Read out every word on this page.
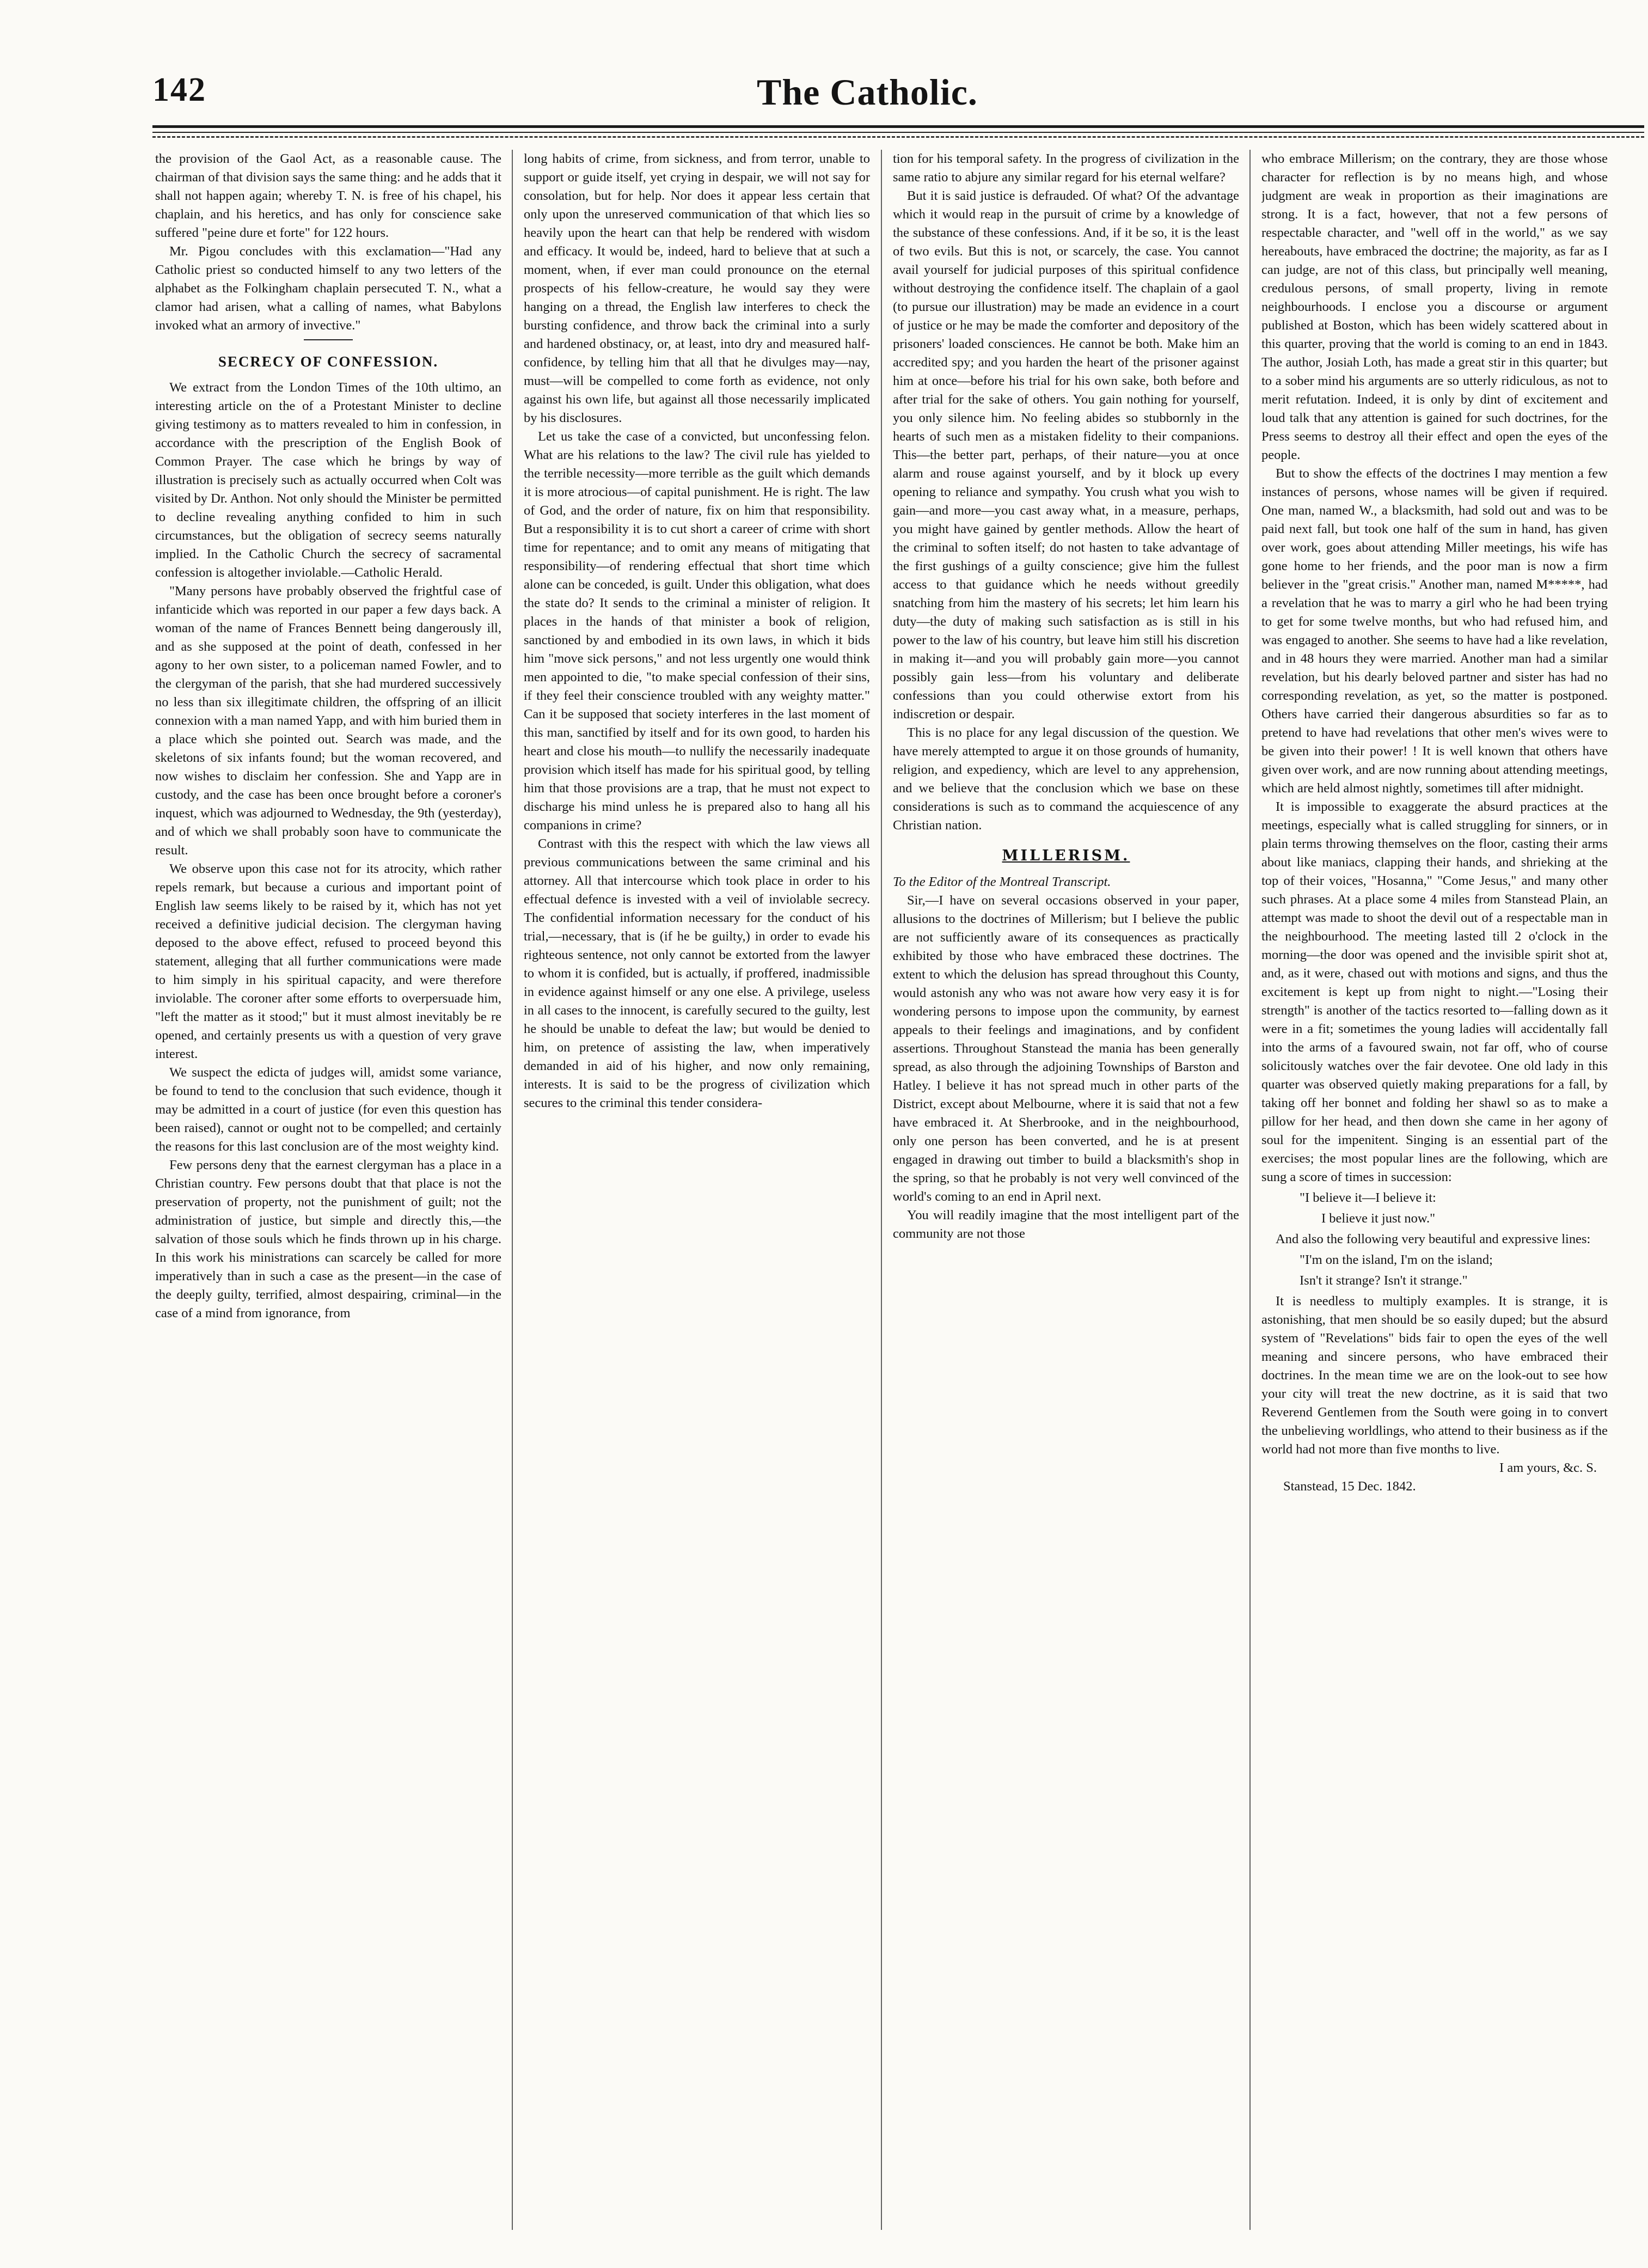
142	The Catholic.

the provision of the Gaol Act, as a reasonable cause. The chairman of that division says the same thing: and he adds that it shall not happen again; whereby T. N. is free of his chapel, his chaplain, and his heretics, and has only for conscience sake suffered "peine dure et forte" for 122 hours.

Mr. Pigou concludes with this exclamation—"Had any Catholic priest so conducted himself to any two letters of the alphabet as the Folkingham chaplain persecuted T. N., what a clamor had arisen, what a calling of names, what Babylons invoked what an armory of invective."

SECRECY OF CONFESSION.

We extract from the London Times of the 10th ultimo, an interesting article on the of a Protestant Minister to decline giving testimony as to matters revealed to him in confession, in accordance with the prescription of the English Book of Common Prayer. The case which he brings by way of illustration is precisely such as actually occurred when Colt was visited by Dr. Anthon. Not only should the Minister be permitted to decline revealing anything confided to him in such circumstances, but the obligation of secrecy seems naturally implied. In the Catholic Church the secrecy of sacramental confession is altogether inviolable.—Catholic Herald.

"Many persons have probably observed the frightful case of infanticide which was reported in our paper a few days back. A woman of the name of Frances Bennett being dangerously ill, and as she supposed at the point of death, confessed in her agony to her own sister, to a policeman named Fowler, and to the clergyman of the parish, that she had murdered successively no less than six illegitimate children, the offspring of an illicit connexion with a man named Yapp, and with him buried them in a place which she pointed out. Search was made, and the skeletons of six infants found; but the woman recovered, and now wishes to disclaim her confession. She and Yapp are in custody, and the case has been once brought before a coroner's inquest, which was adjourned to Wednesday, the 9th (yesterday), and of which we shall probably soon have to communicate the result.

We observe upon this case not for its atrocity, which rather repels remark, but because a curious and important point of English law seems likely to be raised by it, which has not yet received a definitive judicial decision. The clergyman having deposed to the above effect, refused to proceed beyond this statement, alleging that all further communications were made to him simply in his spiritual capacity, and were therefore inviolable. The coroner after some efforts to overpersuade him, "left the matter as it stood;" but it must almost inevitably be re opened, and certainly presents us with a question of very grave interest.

We suspect the edicta of judges will, amidst some variance, be found to tend to the conclusion that such evidence, though it may be admitted in a court of justice (for even this question has been raised), cannot or ought not to be compelled; and certainly the reasons for this last conclusion are of the most weighty kind.

Few persons deny that the earnest clergyman has a place in a Christian country. Few persons doubt that that place is not the preservation of property, not the punishment of guilt; not the administration of justice, but simple and directly this,—the salvation of those souls which he finds thrown up in his charge. In this work his ministrations can scarcely be called for more imperatively than in such a case as the present—in the case of the deeply guilty, terrified, almost despairing, criminal—in the case of a mind from ignorance, from

long habits of crime, from sickness, and from terror, unable to support or guide itself, yet crying in despair, we will not say for consolation, but for help. Nor does it appear less certain that only upon the unreserved communication of that which lies so heavily upon the heart can that help be rendered with wisdom and efficacy. It would be, indeed, hard to believe that at such a moment, when, if ever man could pronounce on the eternal prospects of his fellow-creature, he would say they were hanging on a thread, the English law interferes to check the bursting confidence, and throw back the criminal into a surly and hardened obstinacy, or, at least, into dry and measured half-confidence, by telling him that all that he divulges may—nay, must—will be compelled to come forth as evidence, not only against his own life, but against all those necessarily implicated by his disclosures.

Let us take the case of a convicted, but unconfessing felon. What are his relations to the law? The civil rule has yielded to the terrible necessity—more terrible as the guilt which demands it is more atrocious—of capital punishment. He is right. The law of God, and the order of nature, fix on him that responsibility. But a responsibility it is to cut short a career of crime with short time for repentance; and to omit any means of mitigating that responsibility—of rendering effectual that short time which alone can be conceded, is guilt. Under this obligation, what does the state do? It sends to the criminal a minister of religion. It places in the hands of that minister a book of religion, sanctioned by and embodied in its own laws, in which it bids him "move sick persons," and not less urgently one would think men appointed to die, "to make special confession of their sins, if they feel their conscience troubled with any weighty matter." Can it be supposed that society interferes in the last moment of this man, sanctified by itself and for its own good, to harden his heart and close his mouth—to nullify the necessarily inadequate provision which itself has made for his spiritual good, by telling him that those provisions are a trap, that he must not expect to discharge his mind unless he is prepared also to hang all his companions in crime?

Contrast with this the respect with which the law views all previous communications between the same criminal and his attorney. All that intercourse which took place in order to his effectual defence is invested with a veil of inviolable secrecy. The confidential information necessary for the conduct of his trial,—necessary, that is (if he be guilty,) in order to evade his righteous sentence, not only cannot be extorted from the lawyer to whom it is confided, but is actually, if proffered, inadmissible in evidence against himself or any one else. A privilege, useless in all cases to the innocent, is carefully secured to the guilty, lest he should be unable to defeat the law; but would be denied to him, on pretence of assisting the law, when imperatively demanded in aid of his higher, and now only remaining, interests. It is said to be the progress of civilization which secures to the criminal this tender considera-

tion for his temporal safety. In the progress of civilization in the same ratio to abjure any similar regard for his eternal welfare?

But it is said justice is defrauded. Of what? Of the advantage which it would reap in the pursuit of crime by a knowledge of the substance of these confessions. And, if it be so, it is the least of two evils. But this is not, or scarcely, the case. You cannot avail yourself for judicial purposes of this spiritual confidence without destroying the confidence itself. The chaplain of a gaol (to pursue our illustration) may be made an evidence in a court of justice or he may be made the comforter and depository of the prisoners' loaded consciences. He cannot be both. Make him an accredited spy; and you harden the heart of the prisoner against him at once—before his trial for his own sake, both before and after trial for the sake of others. You gain nothing for yourself, you only silence him. No feeling abides so stubbornly in the hearts of such men as a mistaken fidelity to their companions. This—the better part, perhaps, of their nature—you at once alarm and rouse against yourself, and by it block up every opening to reliance and sympathy. You crush what you wish to gain—and more—you cast away what, in a measure, perhaps, you might have gained by gentler methods. Allow the heart of the criminal to soften itself; do not hasten to take advantage of the first gushings of a guilty conscience; give him the fullest access to that guidance which he needs without greedily snatching from him the mastery of his secrets; let him learn his duty—the duty of making such satisfaction as is still in his power to the law of his country, but leave him still his discretion in making it—and you will probably gain more—you cannot possibly gain less—from his voluntary and deliberate confessions than you could otherwise extort from his indiscretion or despair.

This is no place for any legal discussion of the question. We have merely attempted to argue it on those grounds of humanity, religion, and expediency, which are level to any apprehension, and we believe that the conclusion which we base on these considerations is such as to command the acquiescence of any Christian nation.

MILLERISM.

To the Editor of the Montreal Transcript.

Sir,—I have on several occasions observed in your paper, allusions to the doctrines of Millerism; but I believe the public are not sufficiently aware of its consequences as practically exhibited by those who have embraced these doctrines. The extent to which the delusion has spread throughout this County, would astonish any who was not aware how very easy it is for wondering persons to impose upon the community, by earnest appeals to their feelings and imaginations, and by confident assertions. Throughout Stanstead the mania has been generally spread, as also through the adjoining Townships of Barston and Hatley. I believe it has not spread much in other parts of the District, except about Melbourne, where it is said that not a few have embraced it. At Sherbrooke, and in the neighbourhood, only one person has been converted, and he is at present engaged in drawing out timber to build a blacksmith's shop in the spring, so that he probably is not very well convinced of the world's coming to an end in April next.

You will readily imagine that the most intelligent part of the community are not those

who embrace Millerism; on the contrary, they are those whose character for reflection is by no means high, and whose judgment are weak in proportion as their imaginations are strong. It is a fact, however, that not a few persons of respectable character, and "well off in the world," as we say hereabouts, have embraced the doctrine; the majority, as far as I can judge, are not of this class, but principally well meaning, credulous persons, of small property, living in remote neighbourhoods. I enclose you a discourse or argument published at Boston, which has been widely scattered about in this quarter, proving that the world is coming to an end in 1843. The author, Josiah Loth, has made a great stir in this quarter; but to a sober mind his arguments are so utterly ridiculous, as not to merit refutation. Indeed, it is only by dint of excitement and loud talk that any attention is gained for such doctrines, for the Press seems to destroy all their effect and open the eyes of the people.

But to show the effects of the doctrines I may mention a few instances of persons, whose names will be given if required. One man, named W., a blacksmith, had sold out and was to be paid next fall, but took one half of the sum in hand, has given over work, goes about attending Miller meetings, his wife has gone home to her friends, and the poor man is now a firm believer in the "great crisis." Another man, named M*****, had a revelation that he was to marry a girl who he had been trying to get for some twelve months, but who had refused him, and was engaged to another. She seems to have had a like revelation, and in 48 hours they were married. Another man had a similar revelation, but his dearly beloved partner and sister has had no corresponding revelation, as yet, so the matter is postponed. Others have carried their dangerous absurdities so far as to pretend to have had revelations that other men's wives were to be given into their power! ! It is well known that others have given over work, and are now running about attending meetings, which are held almost nightly, sometimes till after midnight.

It is impossible to exaggerate the absurd practices at the meetings, especially what is called struggling for sinners, or in plain terms throwing themselves on the floor, casting their arms about like maniacs, clapping their hands, and shrieking at the top of their voices, "Hosanna," "Come Jesus," and many other such phrases. At a place some 4 miles from Stanstead Plain, an attempt was made to shoot the devil out of a respectable man in the neighbourhood. The meeting lasted till 2 o'clock in the morning—the door was opened and the invisible spirit shot at, and, as it were, chased out with motions and signs, and thus the excitement is kept up from night to night.—"Losing their strength" is another of the tactics resorted to—falling down as it were in a fit; sometimes the young ladies will accidentally fall into the arms of a favoured swain, not far off, who of course solicitously watches over the fair devotee. One old lady in this quarter was observed quietly making preparations for a fall, by taking off her bonnet and folding her shawl so as to make a pillow for her head, and then down she came in her agony of soul for the impenitent. Singing is an essential part of the exercises; the most popular lines are the following, which are sung a score of times in succession:

"I believe it—I believe it:

I believe it just now."

And also the following very beautiful and expressive lines:

"I'm on the island, I'm on the island;

Isn't it strange? Isn't it strange."

It is needless to multiply examples. It is strange, it is astonishing, that men should be so easily duped; but the absurd system of "Revelations" bids fair to open the eyes of the well meaning and sincere persons, who have embraced their doctrines. In the mean time we are on the look-out to see how your city will treat the new doctrine, as it is said that two Reverend Gentlemen from the South were going in to convert the unbelieving worldlings, who attend to their business as if the world had not more than five months to live.

I am yours, &c. S.

Stanstead, 15 Dec. 1842.
